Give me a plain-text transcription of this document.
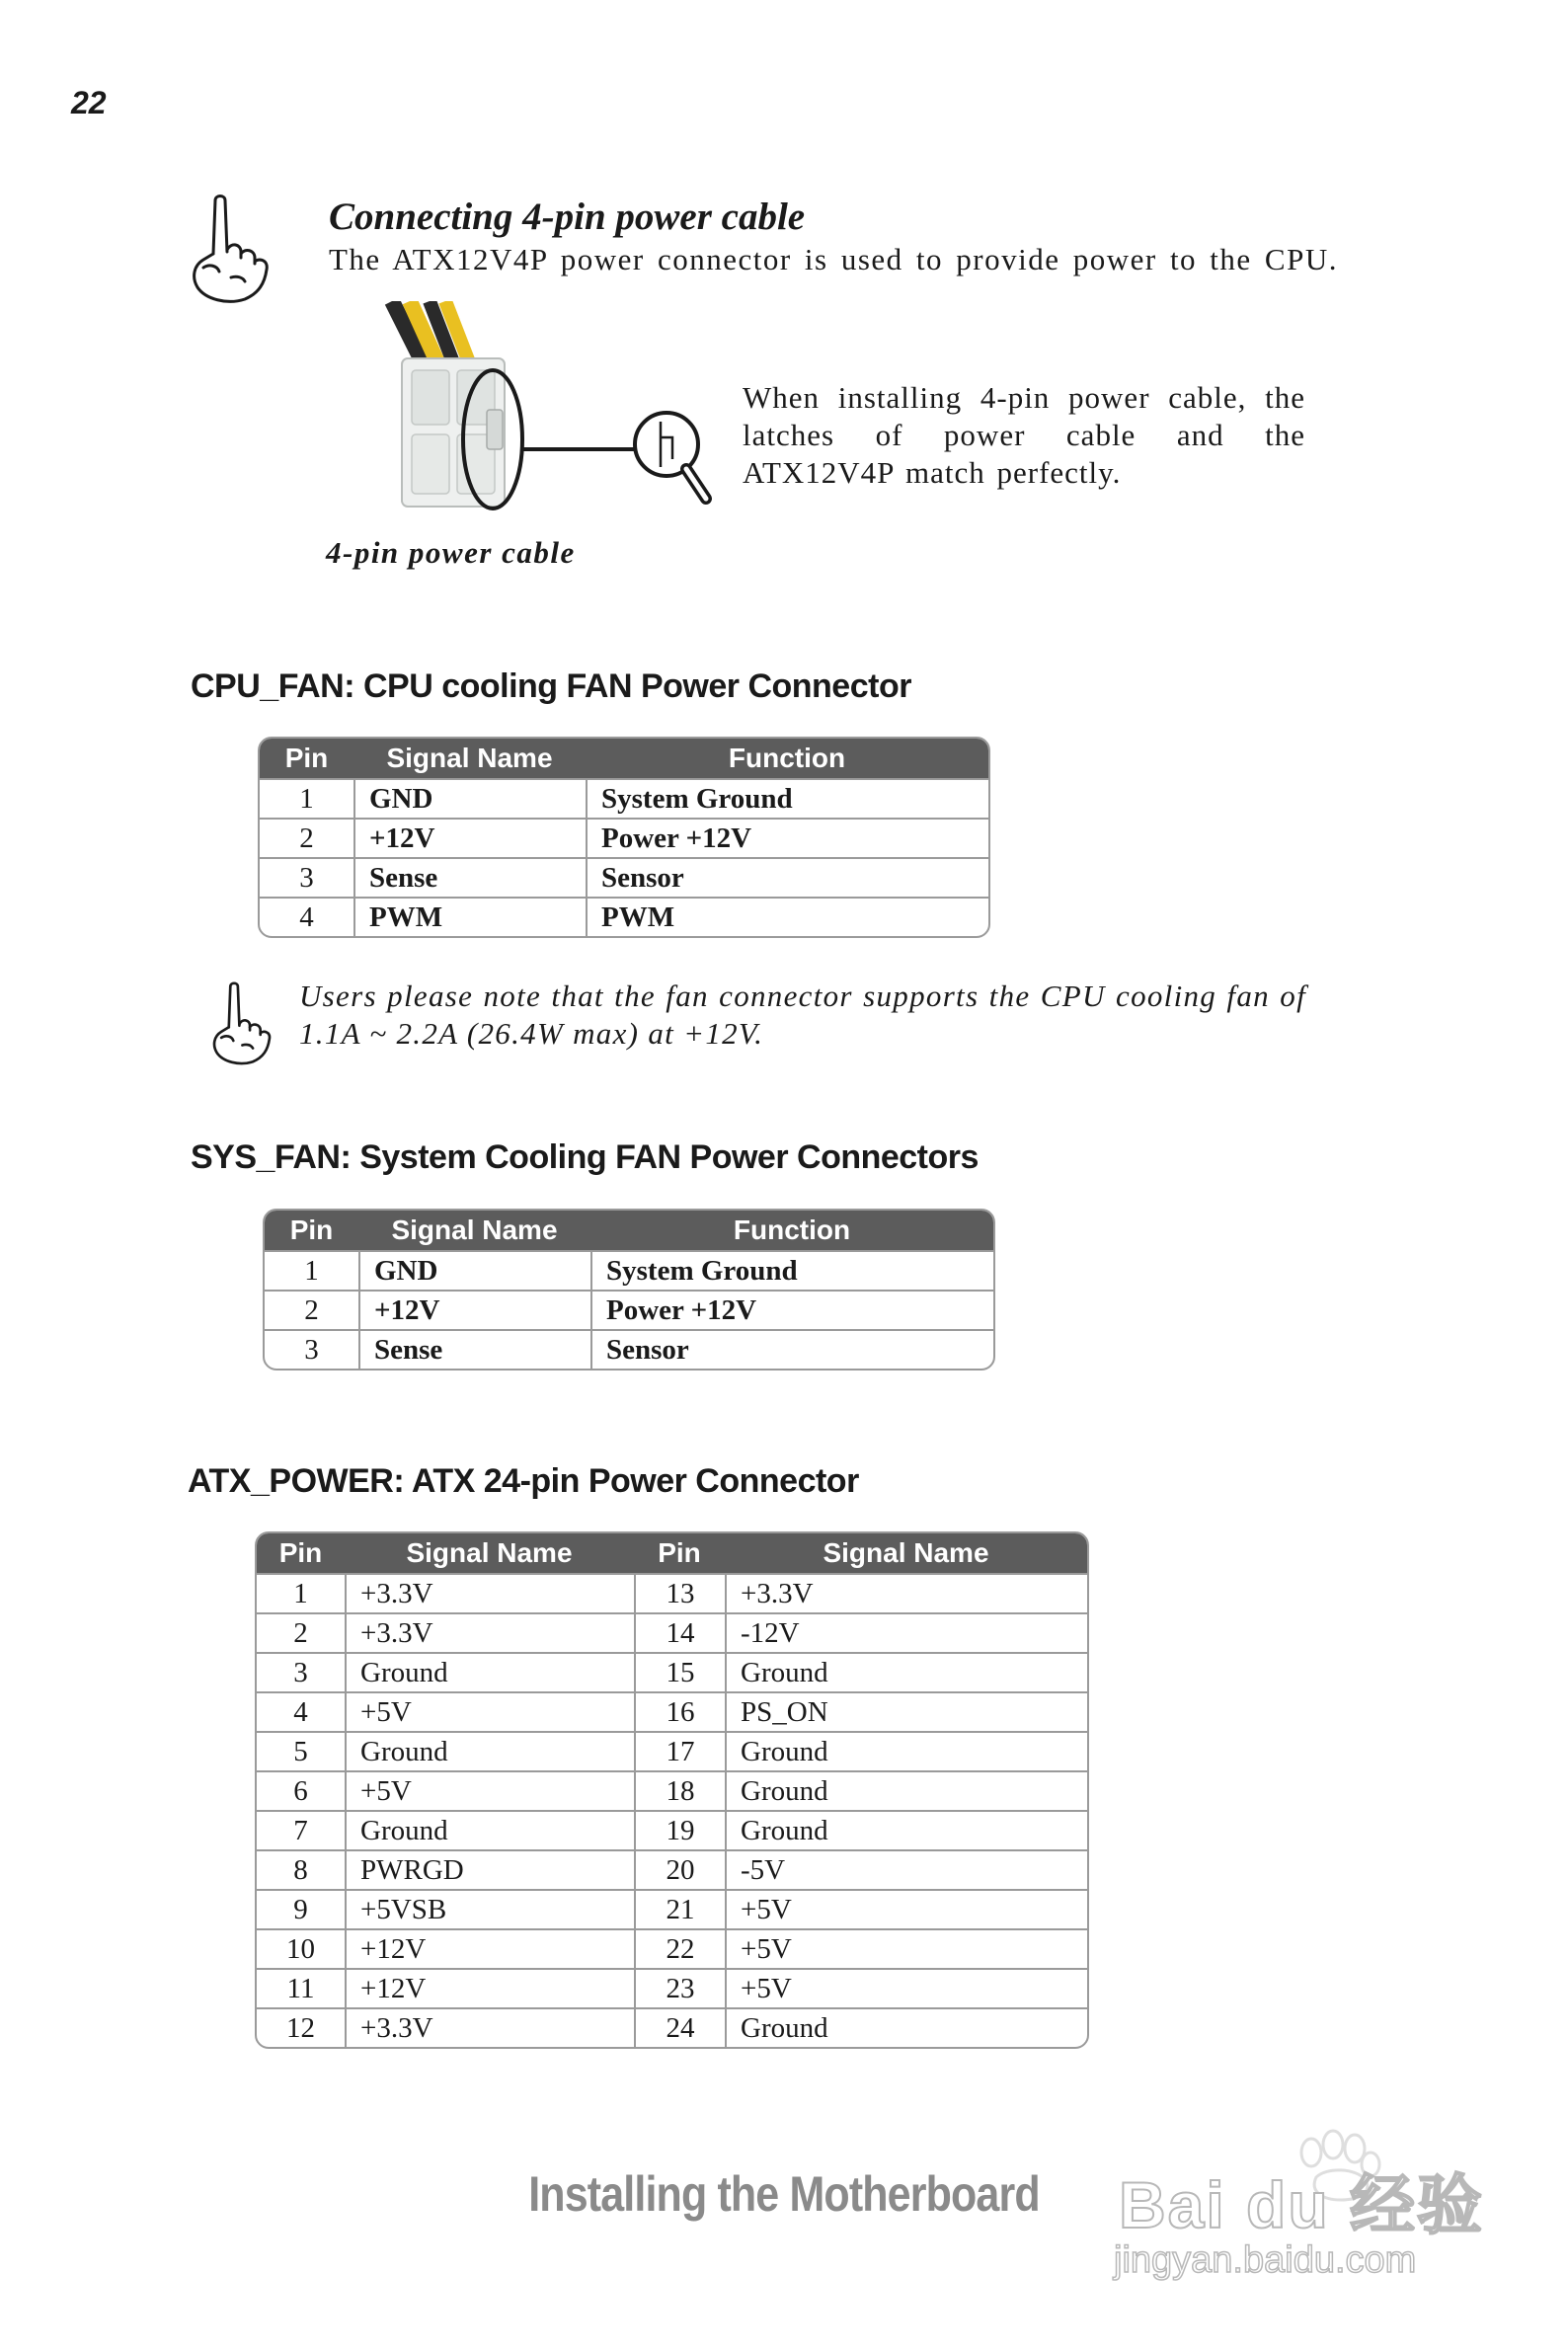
22
Connecting 4-pin power cable
The ATX12V4P power connector is used to provide power to the CPU.
When installing 4-pin power cable, the latches of power cable and the ATX12V4P match perfectly.
4-pin power cable
CPU_FAN: CPU cooling FAN Power Connector
Pin	Signal Name	Function
1	GND	System Ground
2	+12V	Power +12V
3	Sense	Sensor
4	PWM	PWM
Users please note that the fan connector supports the CPU cooling fan of 1.1A ~ 2.2A (26.4W max) at +12V.
SYS_FAN: System Cooling FAN Power Connectors
Pin	Signal Name	Function
1	GND	System Ground
2	+12V	Power +12V
3	Sense	Sensor
ATX_POWER: ATX 24-pin Power Connector
Pin	Signal Name	Pin	Signal Name
1	+3.3V	13	+3.3V
2	+3.3V	14	-12V
3	Ground	15	Ground
4	+5V	16	PS_ON
5	Ground	17	Ground
6	+5V	18	Ground
7	Ground	19	Ground
8	PWRGD	20	-5V
9	+5VSB	21	+5V
10	+12V	22	+5V
11	+12V	23	+5V
12	+3.3V	24	Ground
Installing the Motherboard	Bai du 经验
jingyan.baidu.com
